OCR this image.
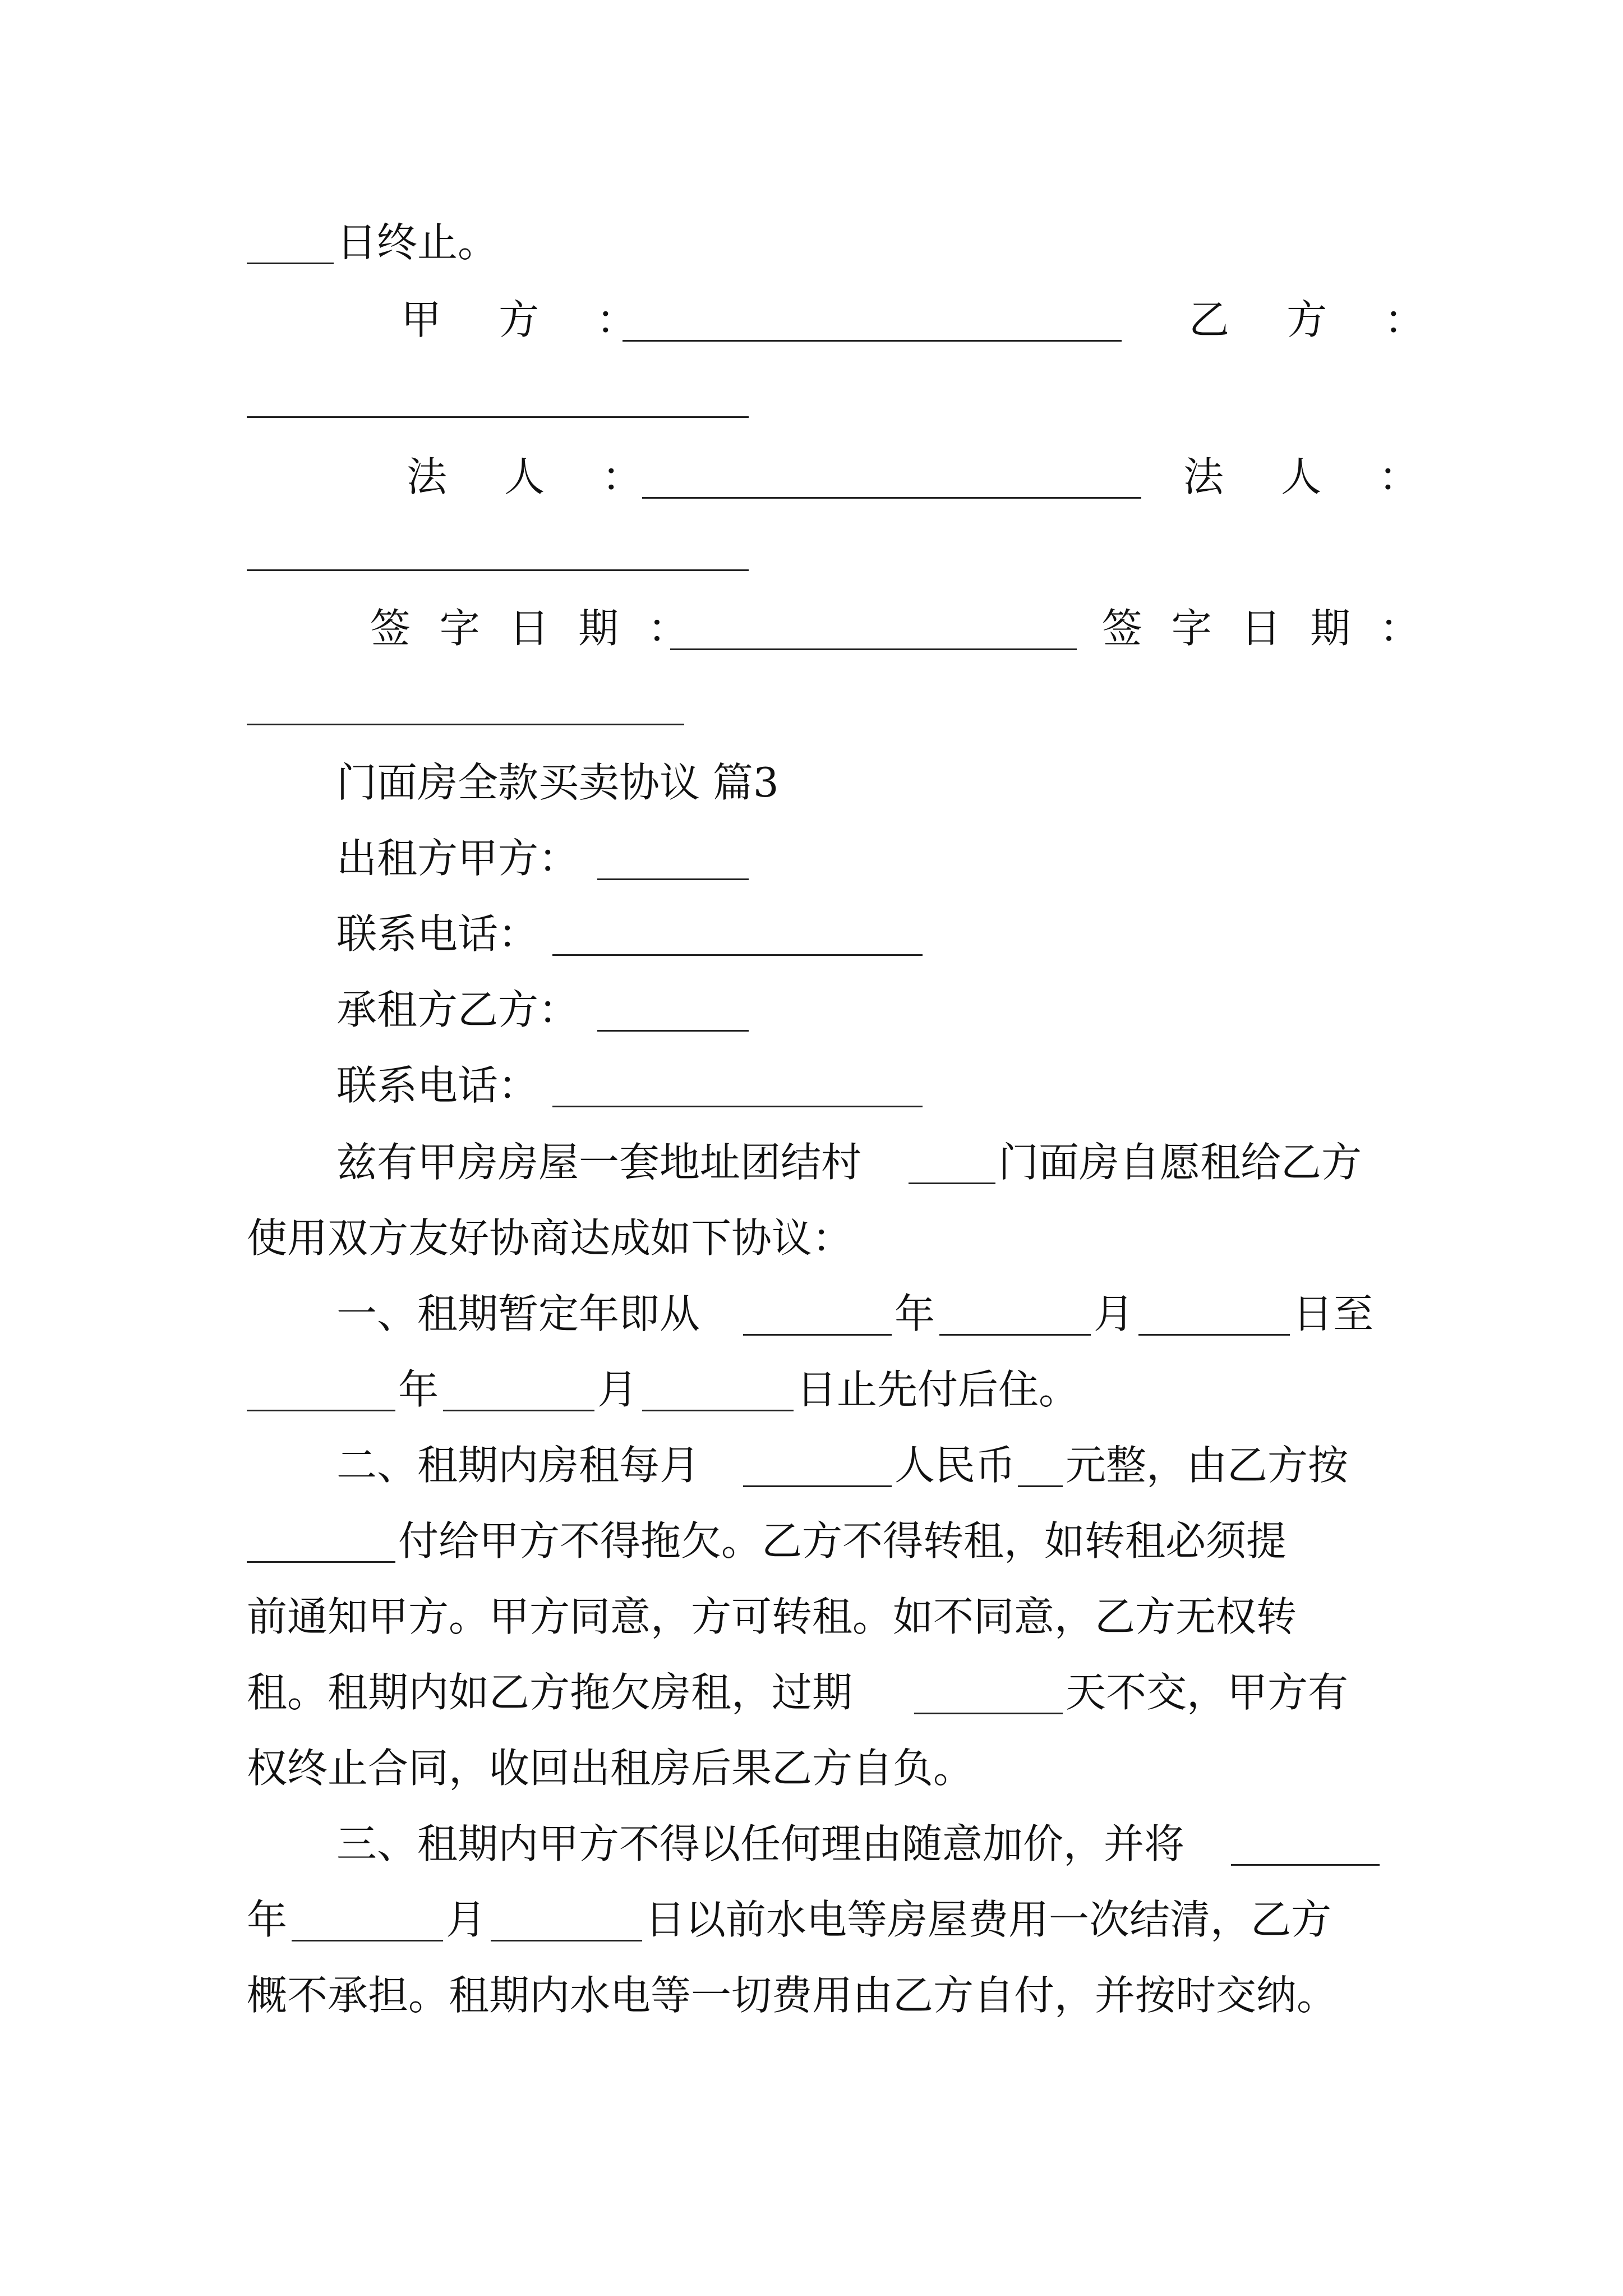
日终止。
甲 方 ：	乙 方 ：
法 人 ：	法 人 ：
签 字 日 期 ：	签 字 日 期 ：
门面房全款买卖协议 篇3
出租方甲方：
联系电话：
承租方乙方：
联系电话：
兹有甲房房屋一套地址团结村	门面房自愿租给乙方
使用双方友好协商达成如下协议：
一、租期暂定年即从	年	月	日至
年	月	日止先付后住。
二、租期内房租每月	人民币 元整，由乙方按
付给甲方不得拖欠。乙方不得转租，如转租必须提
前通知甲方。甲方同意，方可转租。如不同意，乙方无权转
租。租期内如乙方拖欠房租，过期	天不交，甲方有
权终止合同，收回出租房后果乙方自负。
三、租期内甲方不得以任何理由随意加价，并将
年	月	日以前水电等房屋费用一次结清，乙方
概不承担。租期内水电等一切费用由乙方自付，并按时交纳。
